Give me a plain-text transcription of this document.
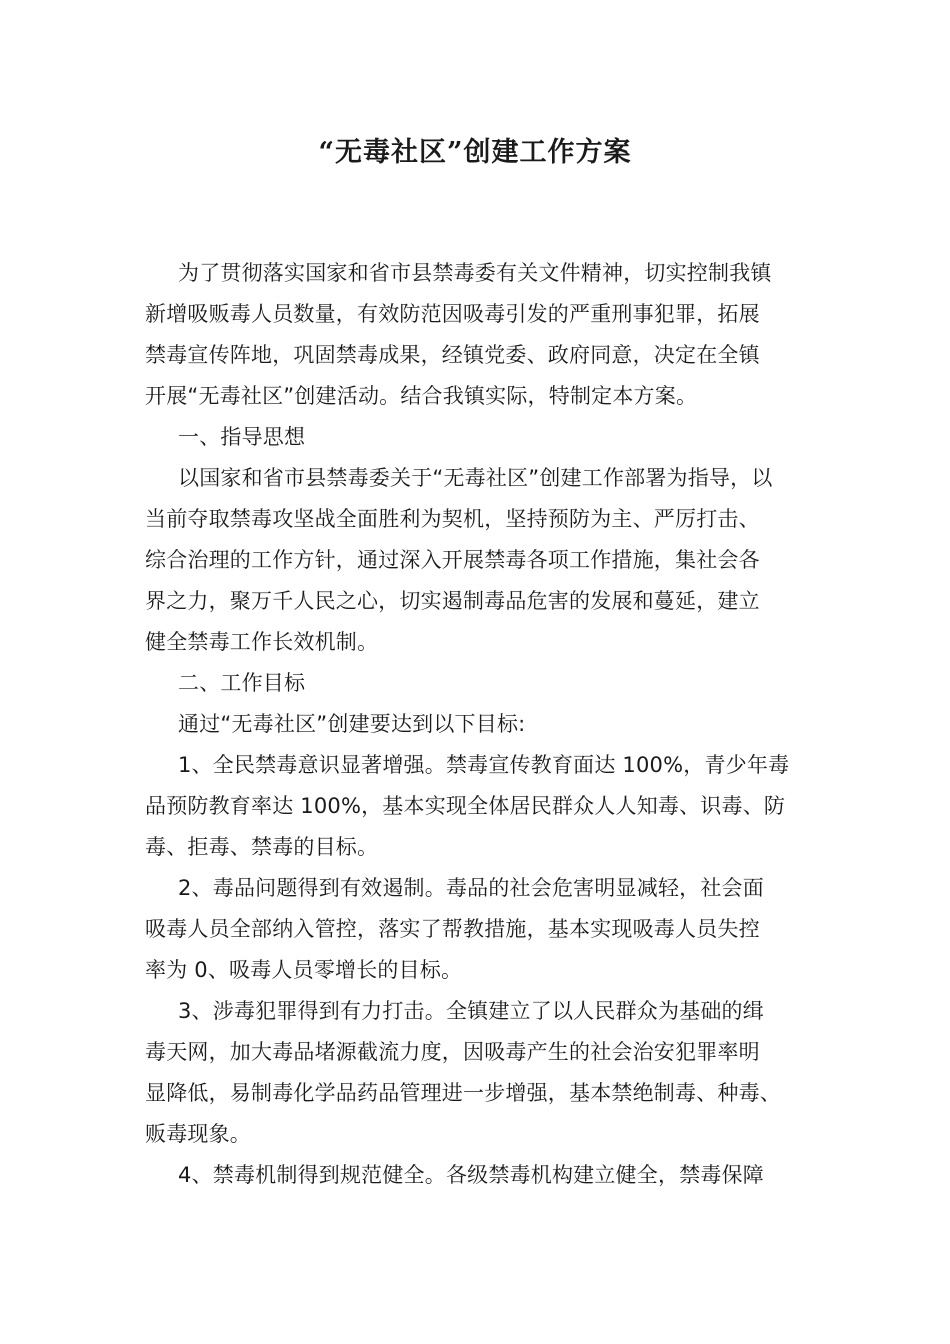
“无毒社区”创建工作方案
为了贯彻落实国家和省市县禁毒委有关文件精神，切实控制我镇
新增吸贩毒人员数量，有效防范因吸毒引发的严重刑事犯罪，拓展
禁毒宣传阵地，巩固禁毒成果，经镇党委、政府同意，决定在全镇
开展“无毒社区”创建活动。结合我镇实际，特制定本方案。
一、指导思想
以国家和省市县禁毒委关于“无毒社区”创建工作部署为指导，以
当前夺取禁毒攻坚战全面胜利为契机，坚持预防为主、严厉打击、
综合治理的工作方针，通过深入开展禁毒各项工作措施，集社会各
界之力，聚万千人民之心，切实遏制毒品危害的发展和蔓延，建立
健全禁毒工作长效机制。
二、工作目标
通过“无毒社区”创建要达到以下目标:
1、全民禁毒意识显著增强。禁毒宣传教育面达 100%，青少年毒
品预防教育率达 100%，基本实现全体居民群众人人知毒、识毒、防
毒、拒毒、禁毒的目标。
2、毒品问题得到有效遏制。毒品的社会危害明显减轻，社会面
吸毒人员全部纳入管控，落实了帮教措施，基本实现吸毒人员失控
率为 0、吸毒人员零增长的目标。
3、涉毒犯罪得到有力打击。全镇建立了以人民群众为基础的缉
毒天网，加大毒品堵源截流力度，因吸毒产生的社会治安犯罪率明
显降低，易制毒化学品药品管理进一步增强，基本禁绝制毒、种毒、
贩毒现象。
4、禁毒机制得到规范健全。各级禁毒机构建立健全，禁毒保障
